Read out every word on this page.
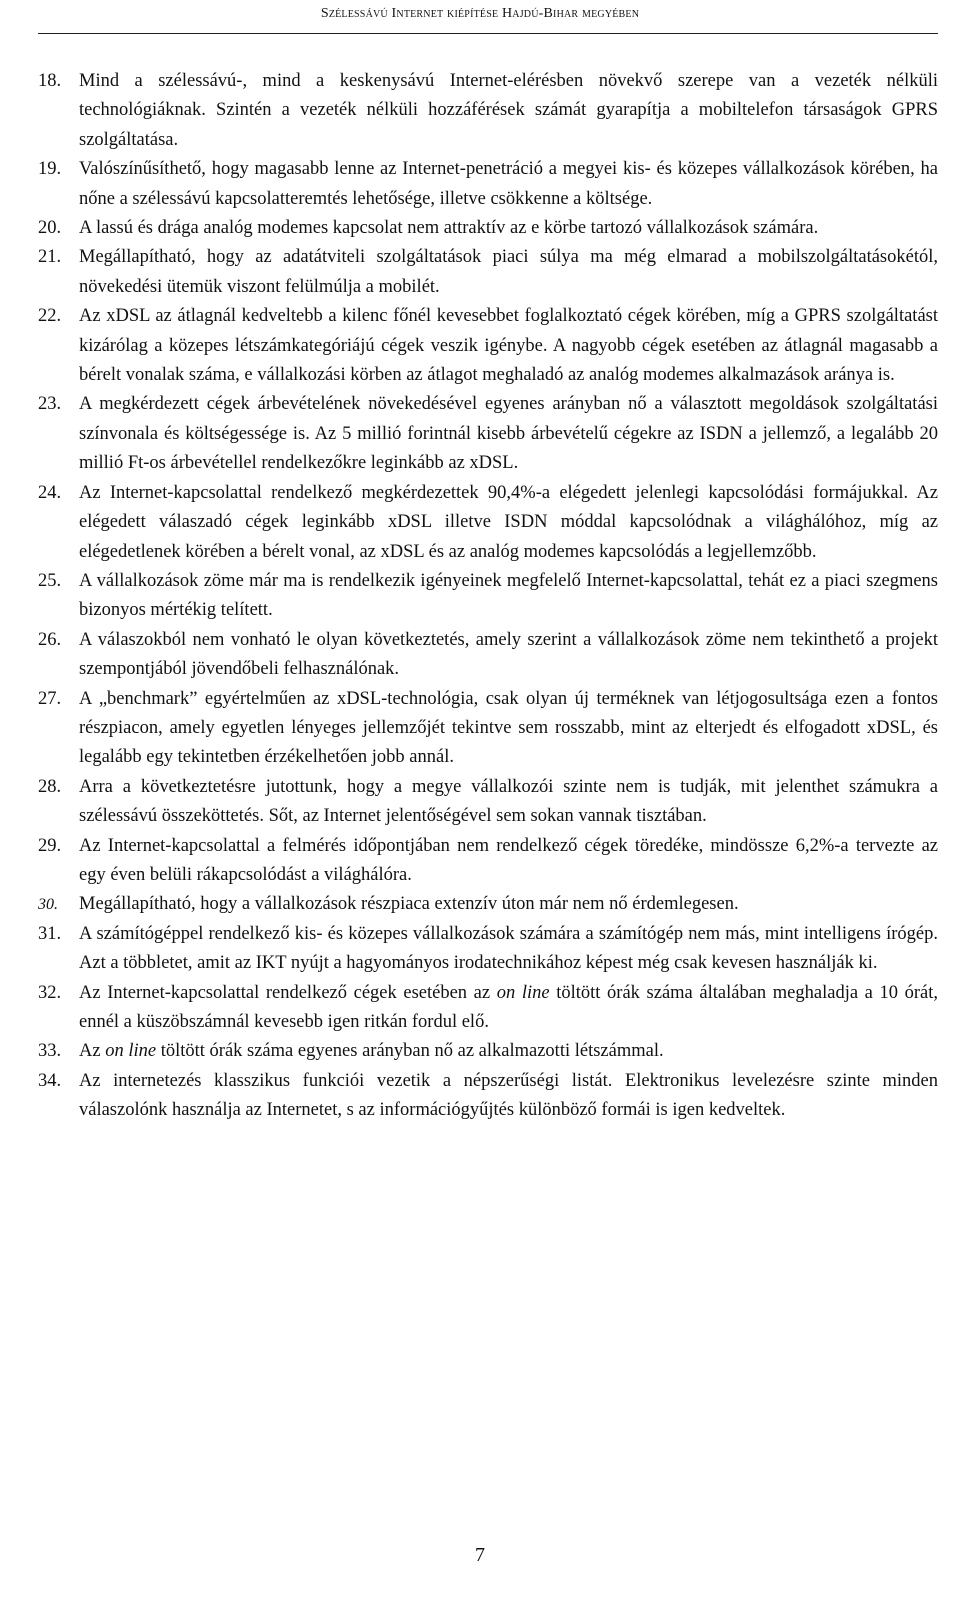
Szélessávú Internet kiépítése Hajdú-Bihar megyében
18. Mind a szélessávú-, mind a keskenysávú Internet-elérésben növekvő szerepe van a vezeték nélküli technológiáknak. Szintén a vezeték nélküli hozzáférések számát gyarapítja a mobiltelefon társaságok GPRS szolgáltatása.
19. Valószínűsíthető, hogy magasabb lenne az Internet-penetráció a megyei kis- és közepes vállalkozások körében, ha nőne a szélessávú kapcsolatteremtés lehetősége, illetve csökkenne a költsége.
20. A lassú és drága analóg modemes kapcsolat nem attraktív az e körbe tartozó vállalkozások számára.
21. Megállapítható, hogy az adatátviteli szolgáltatások piaci súlya ma még elmarad a mobilszolgáltatásokétól, növekedési ütemük viszont felülmúlja a mobilét.
22. Az xDSL az átlagnál kedveltebb a kilenc főnél kevesebbet foglalkoztató cégek körében, míg a GPRS szolgáltatást kizárólag a közepes létszámkategóriájú cégek veszik igénybe. A nagyobb cégek esetében az átlagnál magasabb a bérelt vonalak száma, e vállalkozási körben az átlagot meghaladó az analóg modemes alkalmazások aránya is.
23. A megkérdezett cégek árbevételének növekedésével egyenes arányban nő a választott megoldások szolgáltatási színvonala és költségessége is. Az 5 millió forintnál kisebb árbevételű cégekre az ISDN a jellemző, a legalább 20 millió Ft-os árbevétellel rendelkezőkre leginkább az xDSL.
24. Az Internet-kapcsolattal rendelkező megkérdezettek 90,4%-a elégedett jelenlegi kapcsolódási formájukkal. Az elégedett válaszadó cégek leginkább xDSL illetve ISDN móddal kapcsolódnak a világhálóhoz, míg az elégedetlenek körében a bérelt vonal, az xDSL és az analóg modemes kapcsolódás a legjellemzőbb.
25. A vállalkozások zöme már ma is rendelkezik igényeinek megfelelő Internet-kapcsolattal, tehát ez a piaci szegmens bizonyos mértékig telített.
26. A válaszokból nem vonható le olyan következtetés, amely szerint a vállalkozások zöme nem tekinthető a projekt szempontjából jövendőbeli felhasználónak.
27. A „benchmark” egyértelműen az xDSL-technológia, csak olyan új terméknek van létjogosultsága ezen a fontos részpiacon, amely egyetlen lényeges jellemzőjét tekintve sem rosszabb, mint az elterjedt és elfogadott xDSL, és legalább egy tekintetben érzékelhetően jobb annál.
28. Arra a következtetésre jutottunk, hogy a megye vállalkozói szinte nem is tudják, mit jelenthet számukra a szélessávú összeköttetés. Sőt, az Internet jelentőségével sem sokan vannak tisztában.
29. Az Internet-kapcsolattal a felmérés időpontjában nem rendelkező cégek töredéke, mindössze 6,2%-a tervezte az egy éven belüli rákapcsolódást a világhálóra.
30. Megállapítható, hogy a vállalkozások részpiaca extenzív úton már nem nő érdemlegesen.
31. A számítógéppel rendelkező kis- és közepes vállalkozások számára a számítógép nem más, mint intelligens írógép. Azt a többletet, amit az IKT nyújt a hagyományos irodatechnikához képest még csak kevesen használják ki.
32. Az Internet-kapcsolattal rendelkező cégek esetében az on line töltött órák száma általában meghaladja a 10 órát, ennél a küszöbszámnál kevesebb igen ritkán fordul elő.
33. Az on line töltött órák száma egyenes arányban nő az alkalmazotti létszámmal.
34. Az internetezés klasszikus funkciói vezetik a népszerűségi listát. Elektronikus levelezésre szinte minden válaszolónk használja az Internetet, s az információgyűjtés különböző formái is igen kedveltek.
7
